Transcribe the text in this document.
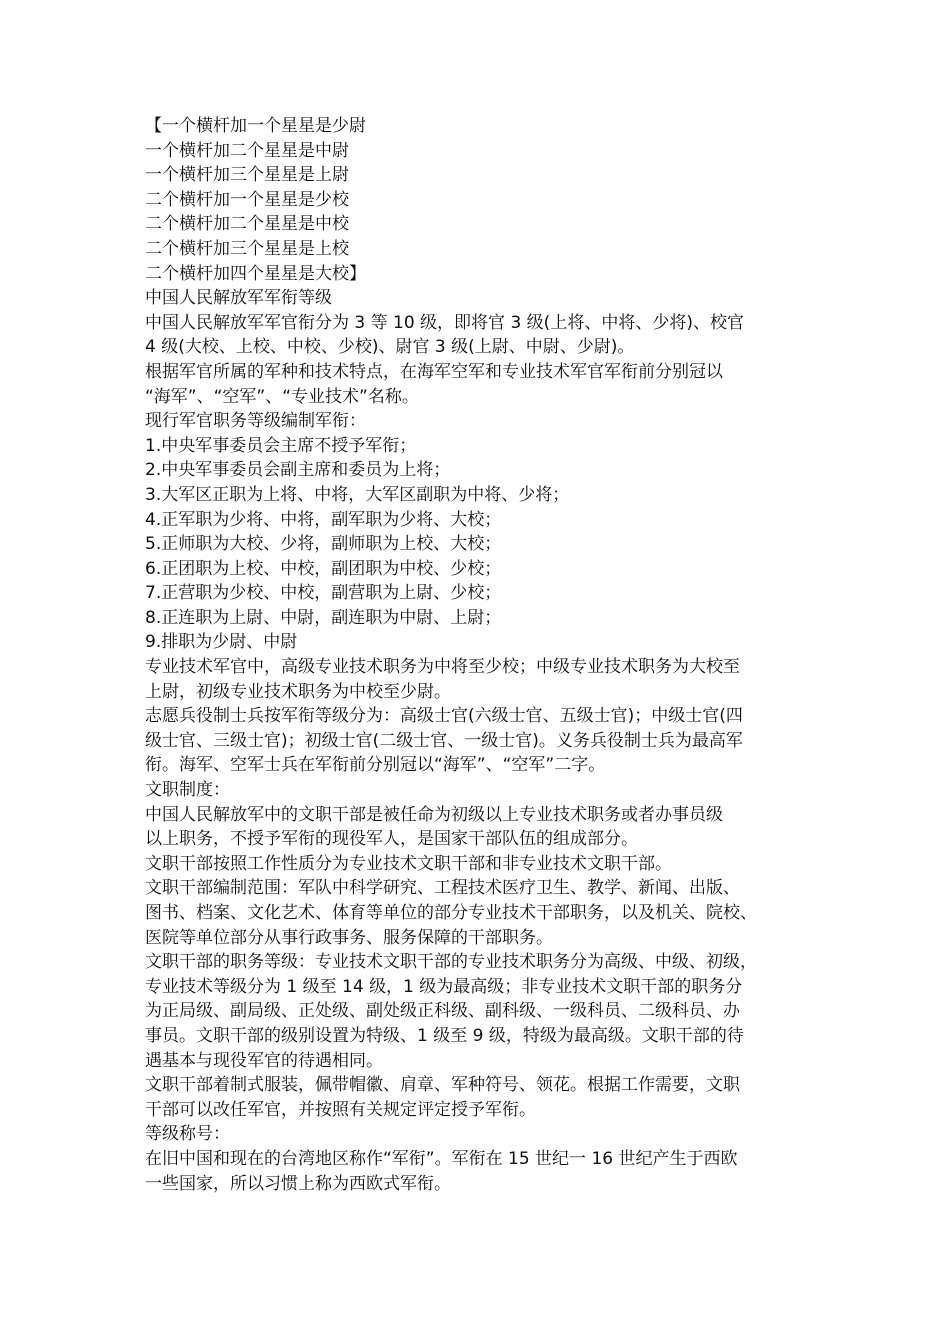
【一个横杆加一个星星是少尉
一个横杆加二个星星是中尉
一个横杆加三个星星是上尉
二个横杆加一个星星是少校
二个横杆加二个星星是中校
二个横杆加三个星星是上校
二个横杆加四个星星是大校】
中国人民解放军军衔等级
中国人民解放军军官衔分为 3 等 10 级，即将官 3 级(上将、中将、少将)、校官
4 级(大校、上校、中校、少校)、尉官 3 级(上尉、中尉、少尉)。
根据军官所属的军种和技术特点，在海军空军和专业技术军官军衔前分别冠以
“海军”、“空军”、“专业技术”名称。
现行军官职务等级编制军衔：
1.中央军事委员会主席不授予军衔；
2.中央军事委员会副主席和委员为上将；
3.大军区正职为上将、中将，大军区副职为中将、少将；
4.正军职为少将、中将，副军职为少将、大校；
5.正师职为大校、少将，副师职为上校、大校；
6.正团职为上校、中校，副团职为中校、少校；
7.正营职为少校、中校，副营职为上尉、少校；
8.正连职为上尉、中尉，副连职为中尉、上尉；
9.排职为少尉、中尉
专业技术军官中，高级专业技术职务为中将至少校；中级专业技术职务为大校至
上尉，初级专业技术职务为中校至少尉。
志愿兵役制士兵按军衔等级分为：高级士官(六级士官、五级士官)；中级士官(四
级士官、三级士官)；初级士官(二级士官、一级士官)。义务兵役制士兵为最高军
衔。海军、空军士兵在军衔前分别冠以“海军”、“空军”二字。
文职制度：
中国人民解放军中的文职干部是被任命为初级以上专业技术职务或者办事员级
以上职务，不授予军衔的现役军人，是国家干部队伍的组成部分。
文职干部按照工作性质分为专业技术文职干部和非专业技术文职干部。
文职干部编制范围：军队中科学研究、工程技术医疗卫生、教学、新闻、出版、
图书、档案、文化艺术、体育等单位的部分专业技术干部职务，以及机关、院校、
医院等单位部分从事行政事务、服务保障的干部职务。
文职干部的职务等级：专业技术文职干部的专业技术职务分为高级、中级、初级，
专业技术等级分为 1 级至 14 级，1 级为最高级；非专业技术文职干部的职务分
为正局级、副局级、正处级、副处级正科级、副科级、一级科员、二级科员、办
事员。文职干部的级别设置为特级、1 级至 9 级，特级为最高级。文职干部的待
遇基本与现役军官的待遇相同。
文职干部着制式服装，佩带帽徽、肩章、军种符号、领花。根据工作需要，文职
干部可以改任军官，并按照有关规定评定授予军衔。
等级称号：
在旧中国和现在的台湾地区称作“军衔”。军衔在 15 世纪一 16 世纪产生于西欧
一些国家，所以习惯上称为西欧式军衔。
